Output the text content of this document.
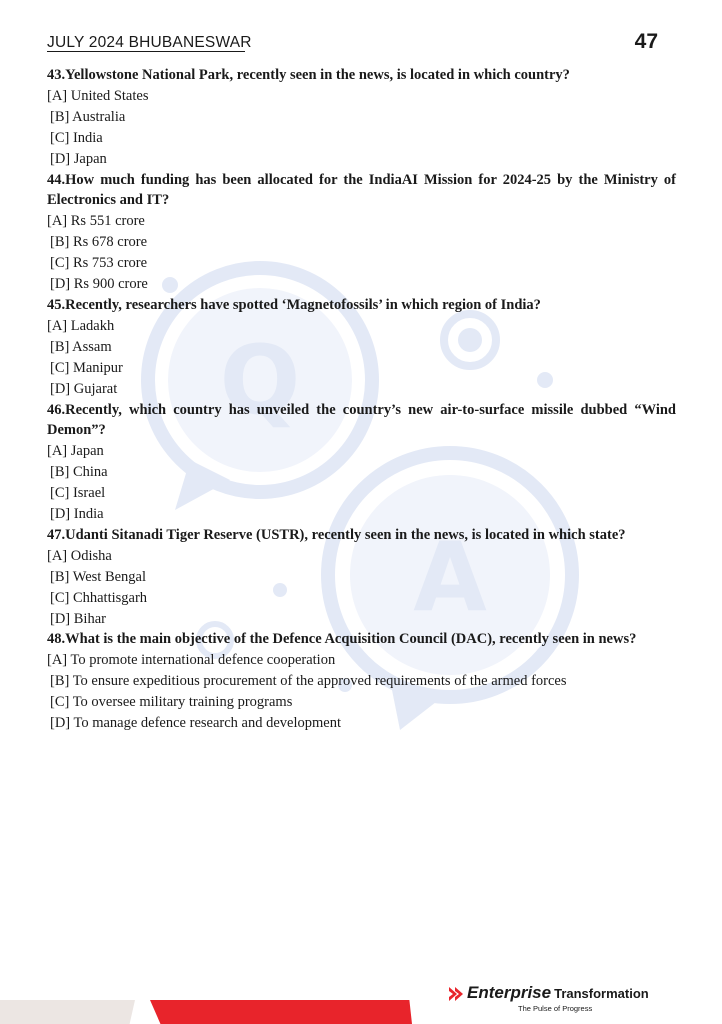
Q
A
JULY 2024 BHUBANESWAR	47
43.Yellowstone National Park, recently seen in the news, is located in which country?
[A] United States
[B] Australia
[C] India
[D] Japan
44.How much funding has been allocated for the IndiaAI Mission for 2024-25 by the Ministry of Electronics and IT?
[A] Rs 551 crore
[B] Rs 678 crore
[C] Rs 753 crore
[D] Rs 900 crore
45.Recently, researchers have spotted ‘Magnetofossils’ in which region of India?
[A] Ladakh
[B] Assam
[C] Manipur
[D] Gujarat
46.Recently, which country has unveiled the country’s new air-to-surface missile dubbed “Wind Demon”?
[A] Japan
[B] China
[C] Israel
[D] India
47.Udanti Sitanadi Tiger Reserve (USTR), recently seen in the news, is located in which state?
[A] Odisha
[B] West Bengal
[C] Chhattisgarh
[D] Bihar
48.What is the main objective of the Defence Acquisition Council (DAC), recently seen in news?
[A] To promote international defence cooperation
[B] To ensure expeditious procurement of the approved requirements of the armed forces
[C] To oversee military training programs
[D] To manage defence research and development
Enterprise Transformation
The Pulse of Progress
